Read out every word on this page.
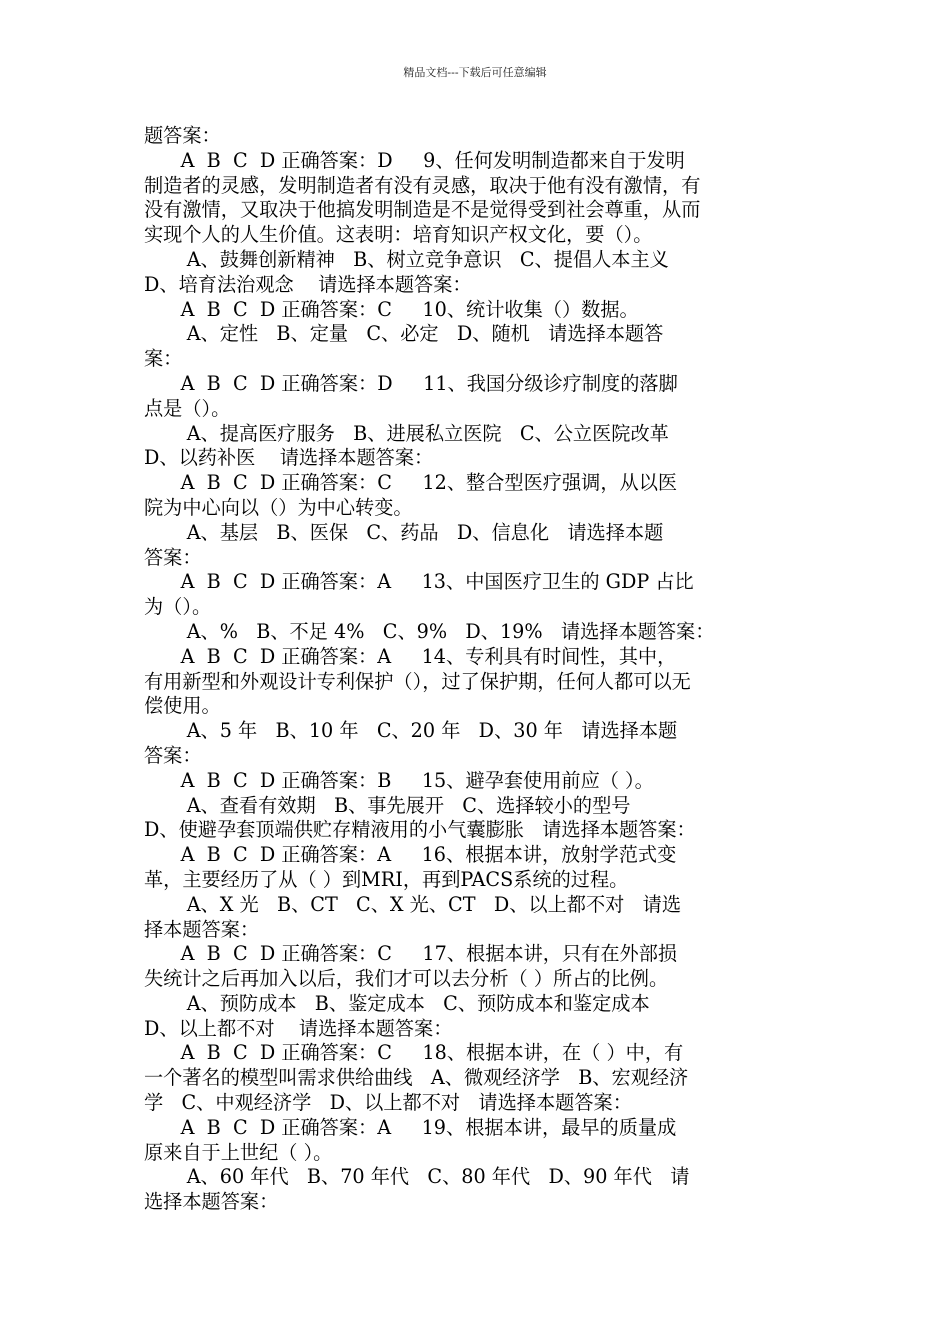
精品文档---下载后可任意编辑
题答案：
A  B  C  D 正确答案：D     9、任何发明制造都来自于发明
制造者的灵感，发明制造者有没有灵感，取决于他有没有激情，有
没有激情，又取决于他搞发明制造是不是觉得受到社会尊重，从而
实现个人的人生价值。这表明：培育知识产权文化，要（）。
A、鼓舞创新精神   B、树立竞争意识   C、提倡人本主义
D、培育法治观念    请选择本题答案：
A  B  C  D 正确答案：C     10、统计收集（）数据。
A、定性   B、定量   C、必定   D、随机   请选择本题答
案：
A  B  C  D 正确答案：D     11、我国分级诊疗制度的落脚
点是（）。
A、提高医疗服务   B、进展私立医院   C、公立医院改革
D、以药补医    请选择本题答案：
A  B  C  D 正确答案：C     12、整合型医疗强调，从以医
院为中心向以（）为中心转变。
A、基层   B、医保   C、药品   D、信息化   请选择本题
答案：
A  B  C  D 正确答案：A     13、中国医疗卫生的 GDP 占比
为（）。
A、%   B、不足 4%   C、9%   D、19%   请选择本题答案：
A  B  C  D 正确答案：A     14、专利具有时间性，其中，
有用新型和外观设计专利保护（），过了保护期，任何人都可以无
偿使用。
A、5 年   B、10 年   C、20 年   D、30 年   请选择本题
答案：
A  B  C  D 正确答案：B     15、避孕套使用前应（ ）。
A、查看有效期   B、事先展开   C、选择较小的型号
D、使避孕套顶端供贮存精液用的小气囊膨胀   请选择本题答案：
A  B  C  D 正确答案：A     16、根据本讲，放射学范式变
革，主要经历了从（ ）到MRI，再到PACS系统的过程。
A、X 光   B、CT   C、X 光、CT   D、以上都不对   请选
择本题答案：
A  B  C  D 正确答案：C     17、根据本讲，只有在外部损
失统计之后再加入以后，我们才可以去分析（ ）所占的比例。
A、预防成本   B、鉴定成本   C、预防成本和鉴定成本
D、以上都不对    请选择本题答案：
A  B  C  D 正确答案：C     18、根据本讲，在（ ）中，有
一个著名的模型叫需求供给曲线   A、微观经济学   B、宏观经济
学   C、中观经济学   D、以上都不对   请选择本题答案：
A  B  C  D 正确答案：A     19、根据本讲，最早的质量成
原来自于上世纪（ ）。
A、60 年代   B、70 年代   C、80 年代   D、90 年代   请
选择本题答案：
